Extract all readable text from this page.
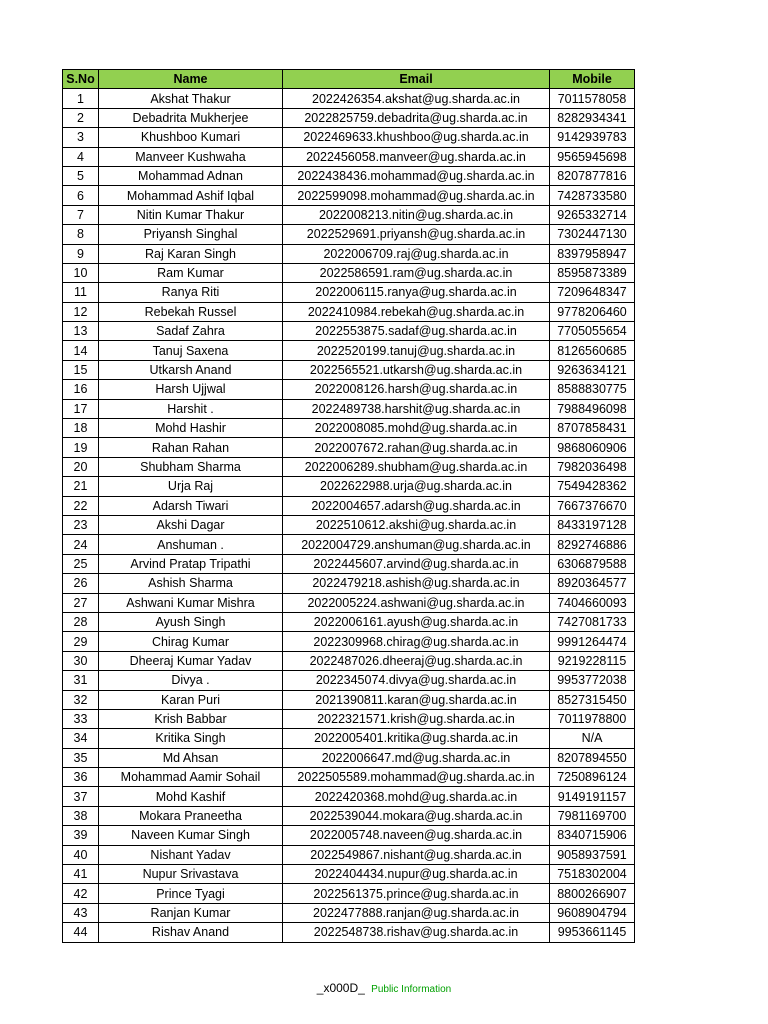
S.No	Name	Email	Mobile
1	Akshat Thakur	2022426354.akshat@ug.sharda.ac.in	7011578058
2	Debadrita Mukherjee	2022825759.debadrita@ug.sharda.ac.in	8282934341
3	Khushboo Kumari	2022469633.khushboo@ug.sharda.ac.in	9142939783
4	Manveer Kushwaha	2022456058.manveer@ug.sharda.ac.in	9565945698
5	Mohammad Adnan	2022438436.mohammad@ug.sharda.ac.in	8207877816
6	Mohammad Ashif Iqbal	2022599098.mohammad@ug.sharda.ac.in	7428733580
7	Nitin Kumar Thakur	2022008213.nitin@ug.sharda.ac.in	9265332714
8	Priyansh Singhal	2022529691.priyansh@ug.sharda.ac.in	7302447130
9	Raj Karan Singh	2022006709.raj@ug.sharda.ac.in	8397958947
10	Ram Kumar	2022586591.ram@ug.sharda.ac.in	8595873389
11	Ranya Riti	2022006115.ranya@ug.sharda.ac.in	7209648347
12	Rebekah Russel	2022410984.rebekah@ug.sharda.ac.in	9778206460
13	Sadaf Zahra	2022553875.sadaf@ug.sharda.ac.in	7705055654
14	Tanuj Saxena	2022520199.tanuj@ug.sharda.ac.in	8126560685
15	Utkarsh Anand	2022565521.utkarsh@ug.sharda.ac.in	9263634121
16	Harsh Ujjwal	2022008126.harsh@ug.sharda.ac.in	8588830775
17	Harshit .	2022489738.harshit@ug.sharda.ac.in	7988496098
18	Mohd Hashir	2022008085.mohd@ug.sharda.ac.in	8707858431
19	Rahan Rahan	2022007672.rahan@ug.sharda.ac.in	9868060906
20	Shubham Sharma	2022006289.shubham@ug.sharda.ac.in	7982036498
21	Urja Raj	2022622988.urja@ug.sharda.ac.in	7549428362
22	Adarsh Tiwari	2022004657.adarsh@ug.sharda.ac.in	7667376670
23	Akshi Dagar	2022510612.akshi@ug.sharda.ac.in	8433197128
24	Anshuman .	2022004729.anshuman@ug.sharda.ac.in	8292746886
25	Arvind Pratap Tripathi	2022445607.arvind@ug.sharda.ac.in	6306879588
26	Ashish Sharma	2022479218.ashish@ug.sharda.ac.in	8920364577
27	Ashwani Kumar Mishra	2022005224.ashwani@ug.sharda.ac.in	7404660093
28	Ayush Singh	2022006161.ayush@ug.sharda.ac.in	7427081733
29	Chirag Kumar	2022309968.chirag@ug.sharda.ac.in	9991264474
30	Dheeraj Kumar Yadav	2022487026.dheeraj@ug.sharda.ac.in	9219228115
31	Divya .	2022345074.divya@ug.sharda.ac.in	9953772038
32	Karan Puri	2021390811.karan@ug.sharda.ac.in	8527315450
33	Krish Babbar	2022321571.krish@ug.sharda.ac.in	7011978800
34	Kritika Singh	2022005401.kritika@ug.sharda.ac.in	N/A
35	Md Ahsan	2022006647.md@ug.sharda.ac.in	8207894550
36	Mohammad Aamir Sohail	2022505589.mohammad@ug.sharda.ac.in	7250896124
37	Mohd Kashif	2022420368.mohd@ug.sharda.ac.in	9149191157
38	Mokara Praneetha	2022539044.mokara@ug.sharda.ac.in	7981169700
39	Naveen Kumar Singh	2022005748.naveen@ug.sharda.ac.in	8340715906
40	Nishant Yadav	2022549867.nishant@ug.sharda.ac.in	9058937591
41	Nupur Srivastava	2022404434.nupur@ug.sharda.ac.in	7518302004
42	Prince Tyagi	2022561375.prince@ug.sharda.ac.in	8800266907
43	Ranjan Kumar	2022477888.ranjan@ug.sharda.ac.in	9608904794
44	Rishav Anand	2022548738.rishav@ug.sharda.ac.in	9953661145
_x000D_ Public Information
